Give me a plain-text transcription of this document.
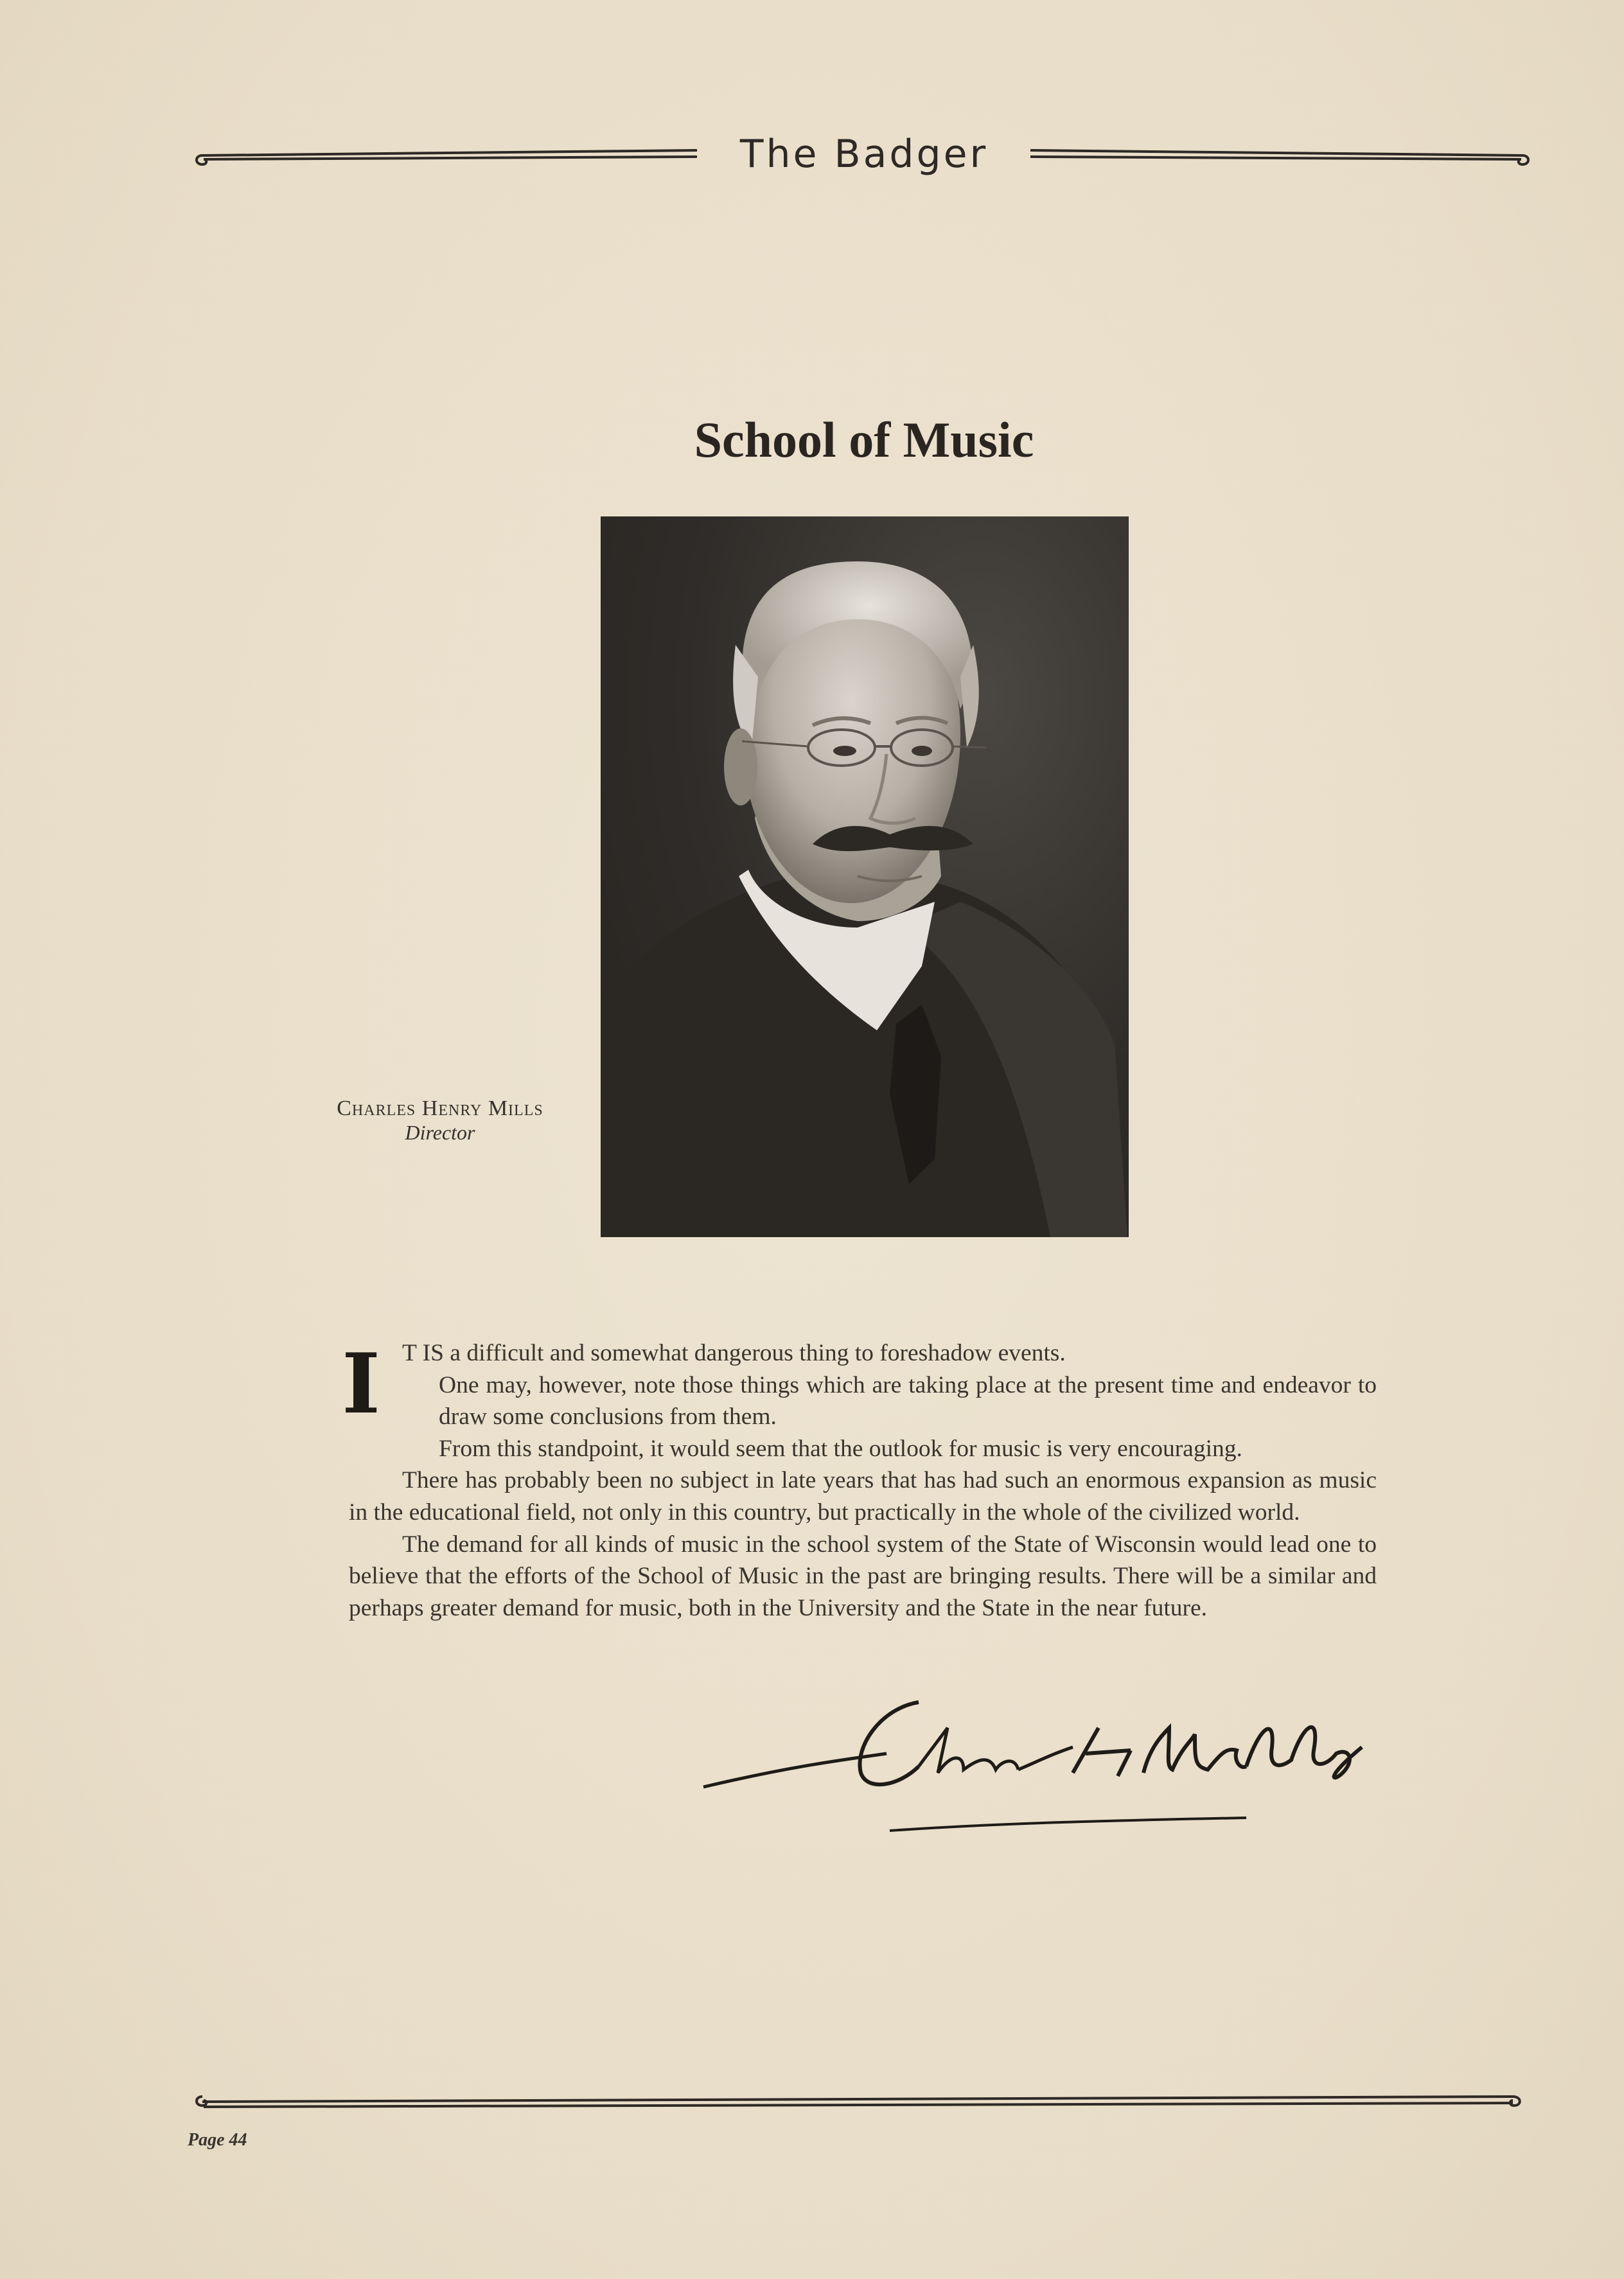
The Badger
School of Music
Charles Henry Mills
Director
I T IS a difficult and somewhat dangerous thing to foreshadow events.

One may, however, note those things which are taking place at the present time and endeavor to draw some conclusions from them.

From this standpoint, it would seem that the outlook for music is very encouraging.

There has probably been no subject in late years that has had such an enormous expansion as music in the educational field, not only in this country, but practically in the whole of the civilized world.

The demand for all kinds of music in the school system of the State of Wisconsin would lead one to believe that the efforts of the School of Music in the past are bringing results. There will be a similar and perhaps greater demand for music, both in the University and the State in the near future.

Page 44
